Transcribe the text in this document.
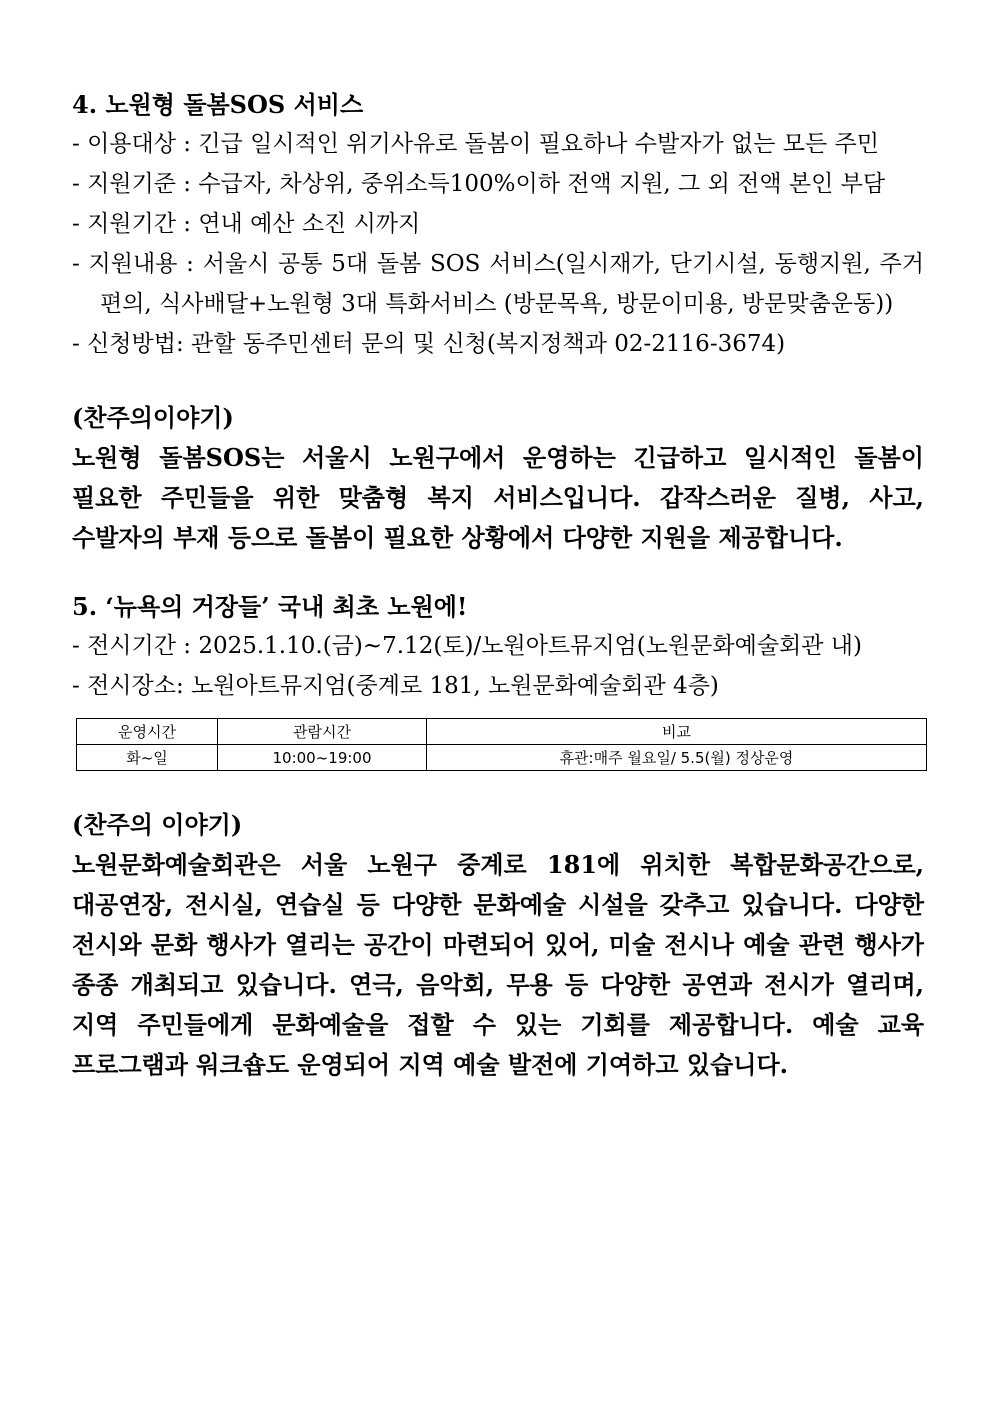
4. 노원형 돌봄SOS 서비스
- 이용대상 : 긴급 일시적인 위기사유로 돌봄이 필요하나 수발자가 없는 모든 주민
- 지원기준 : 수급자, 차상위, 중위소득100%이하 전액 지원, 그 외 전액 본인 부담
- 지원기간 : 연내 예산 소진 시까지
- 지원내용 : 서울시 공통 5대 돌봄 SOS 서비스(일시재가, 단기시설, 동행지원, 주거편의, 식사배달+노원형 3대 특화서비스 (방문목욕, 방문이미용, 방문맞춤운동))
- 신청방법: 관할 동주민센터 문의 및 신청(복지정책과 02-2116-3674)
(찬주의이야기)
노원형 돌봄SOS는 서울시 노원구에서 운영하는 긴급하고 일시적인 돌봄이 필요한 주민들을 위한 맞춤형 복지 서비스입니다. 갑작스러운 질병, 사고, 수발자의 부재 등으로 돌봄이 필요한 상황에서 다양한 지원을 제공합니다.
5. ‘뉴욕의 거장들’ 국내 최초 노원에!
- 전시기간 : 2025.1.10.(금)~7.12(토)/노원아트뮤지엄(노원문화예술회관 내)
- 전시장소: 노원아트뮤지엄(중계로 181, 노원문화예술회관 4층)
운영시간	관람시간	비교
화~일	10:00~19:00	휴관:매주 월요일/ 5.5(월) 정상운영
(찬주의 이야기)
노원문화예술회관은 서울 노원구 중계로 181에 위치한 복합문화공간으로, 대공연장, 전시실, 연습실 등 다양한 문화예술 시설을 갖추고 있습니다. 다양한 전시와 문화 행사가 열리는 공간이 마련되어 있어, 미술 전시나 예술 관련 행사가 종종 개최되고 있습니다. 연극, 음악회, 무용 등 다양한 공연과 전시가 열리며, 지역 주민들에게 문화예술을 접할 수 있는 기회를 제공합니다. 예술 교육 프로그램과 워크숍도 운영되어 지역 예술 발전에 기여하고 있습니다.
